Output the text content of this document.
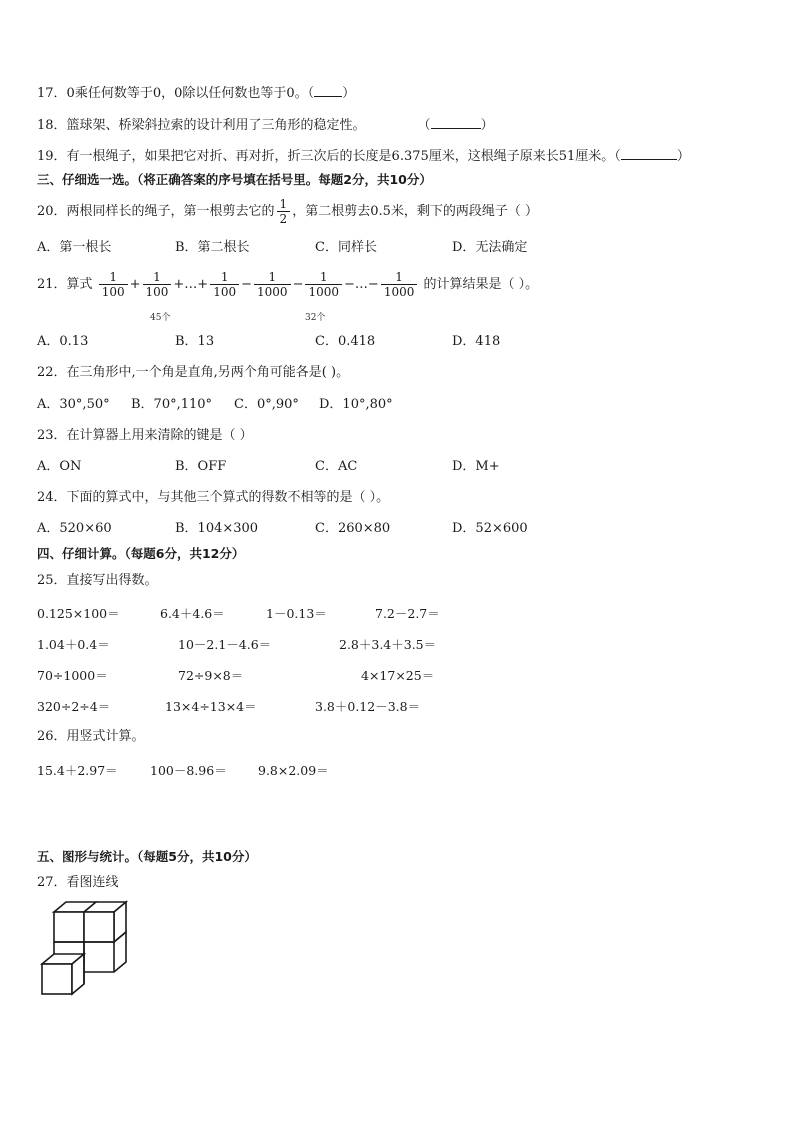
17．0乘任何数等于0，0除以任何数也等于0。（ ）
18．篮球架、桥梁斜拉索的设计利用了三角形的稳定性。	（	）
19．有一根绳子，如果把它对折、再对折，折三次后的长度是6.375厘米，这根绳子原来长51厘米。（	）
三、仔细选一选。（将正确答案的序号填在括号里。每题2分，共10分）
20．两根同样长的绳子，第一根剪去它的 $\frac{1}{2}$ ，第二根剪去0.5米，剩下的两段绳子（ ）
A．第一根长	B．第二根长	C．同样长	D．无法确定
21．算式 $\frac{1}{100} + \frac{1}{100}$ +…+ $\frac{1}{100} - \frac{1}{1000} - \frac{1}{1000}$ −…− $\frac{1}{1000}$ 的计算结果是（ ）。
45个	32个
A．0.13	B．13	C．0.418	D．418
22．在三角形中,一个角是直角,另两个角可能各是( )。
A．30°,50° B．70°,110° C．0°,90° D．10°,80°
23．在计算器上用来清除的键是（ ）
A．ON	B．OFF	C．AC	D．M+
24．下面的算式中，与其他三个算式的得数不相等的是（ ）。
A．520×60	B．104×300	C．260×80	D．52×600
四、仔细计算。（每题6分，共12分）
25．直接写出得数。
0.125×100＝	6.4＋4.6＝	1－0.13＝	7.2－2.7＝
1.04＋0.4＝	10－2.1－4.6＝	2.8＋3.4＋3.5＝
70÷1000＝	72÷9×8＝	4×17×25＝
320÷2÷4＝	13×4÷13×4＝	3.8＋0.12－3.8＝
26．用竖式计算。
15.4＋2.97＝	100－8.96＝	9.8×2.09＝
五、图形与统计。（每题5分，共10分）
27．看图连线
